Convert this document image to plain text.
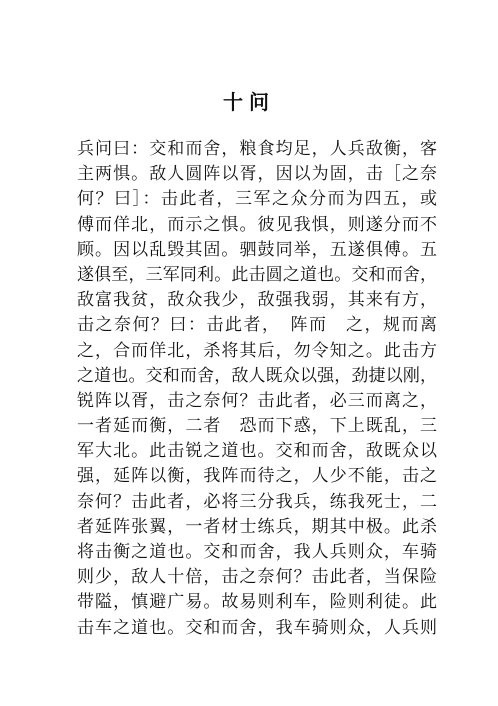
十问
兵问曰：交和而舍，粮食均足，人兵敌衡，客
主两惧。敌人圆阵以胥，因以为固，击［之奈
何？曰］：击此者，三军之众分而为四五，或
傅而佯北，而示之惧。彼见我惧，则遂分而不
顾。因以乱毁其固。驷鼓同举，五遂俱傅。五
遂俱至，三军同利。此击圆之道也。交和而舍，
敌富我贫，敌众我少，敌强我弱，其来有方，
击之奈何？曰：击此者，　阵而　之，规而离
之，合而佯北，杀将其后，勿令知之。此击方
之道也。交和而舍，敌人既众以强，劲捷以刚，
锐阵以胥，击之奈何？击此者，必三而离之，
一者延而衡，二者　恐而下惑，下上既乱，三
军大北。此击锐之道也。交和而舍，敌既众以
强，延阵以衡，我阵而待之，人少不能，击之
奈何？击此者，必将三分我兵，练我死士，二
者延阵张翼，一者材士练兵，期其中极。此杀
将击衡之道也。交和而舍，我人兵则众，车骑
则少，敌人十倍，击之奈何？击此者，当保险
带隘，慎避广易。故易则利车，险则利徒。此
击车之道也。交和而舍，我车骑则众，人兵则
